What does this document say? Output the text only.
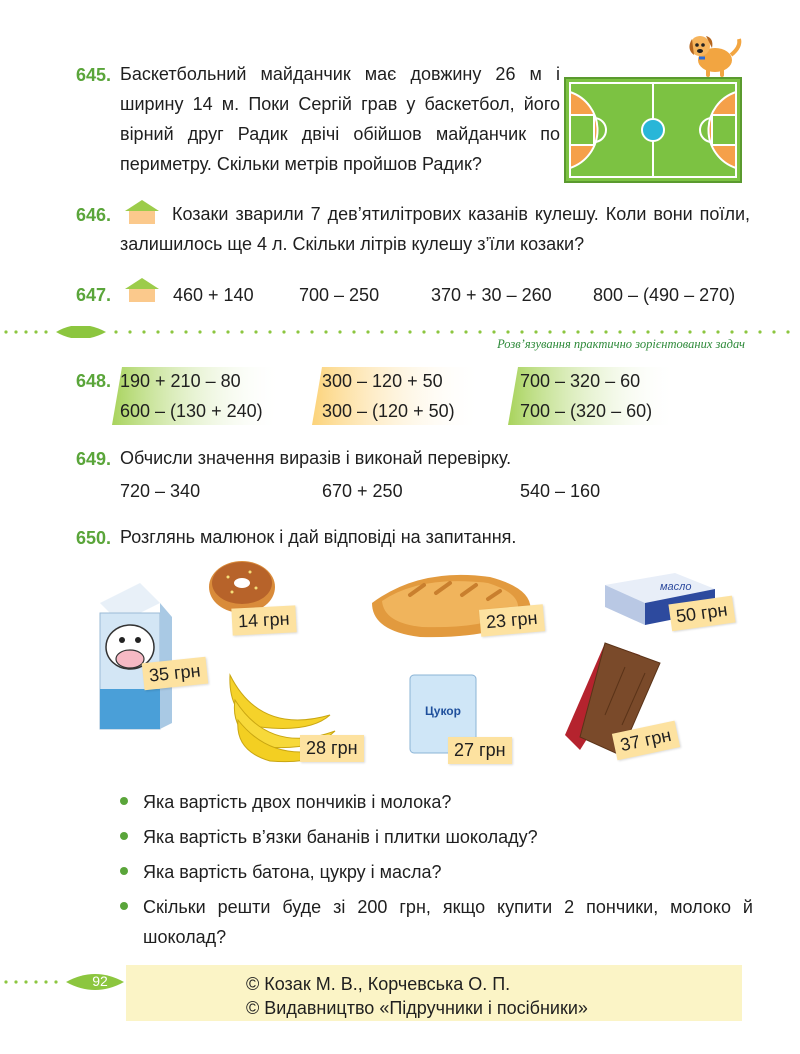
645. Баскетбольний майданчик має довжину 26 м і ширину 14 м. Поки Сергій грав у баскетбол, його вірний друг Радик двічі обійшов майданчик по периметру. Скільки метрів пройшов Радик?
646.	Козаки зварили 7 дев’ятилітрових казанів кулешу. Коли вони поїли, залишилось ще 4 л. Скільки літрів кулешу з’їли козаки?
647.	460 + 140	700 – 250	370 + 30 – 260 800 – (490 – 270)
Розв’язування практично зорієнтованих задач
648. 190 + 210 – 80	300 – 120 + 50	700 – 320 – 60
600 – (130 + 240)	300 – (120 + 50)	700 – (320 – 60)
649. Обчисли значення виразів і виконай перевірку.
720 – 340	670 + 250	540 – 160
650. Розглянь малюнок і дай відповіді на запитання.
масло
Цукор
14 грн	23 грн	50 грн
35 грн
28 грн	27 грн	37 грн
Яка вартість двох пончиків і молока?
Яка вартість в’язки бананів і плитки шоколаду?
Яка вартість батона, цукру і масла?
Скільки решти буде зі 200 грн, якщо купити 2 пончики, молоко й шоколад?
92	© Козак М. В., Корчевська О. П.
© Видавництво «Підручники і посібники»
